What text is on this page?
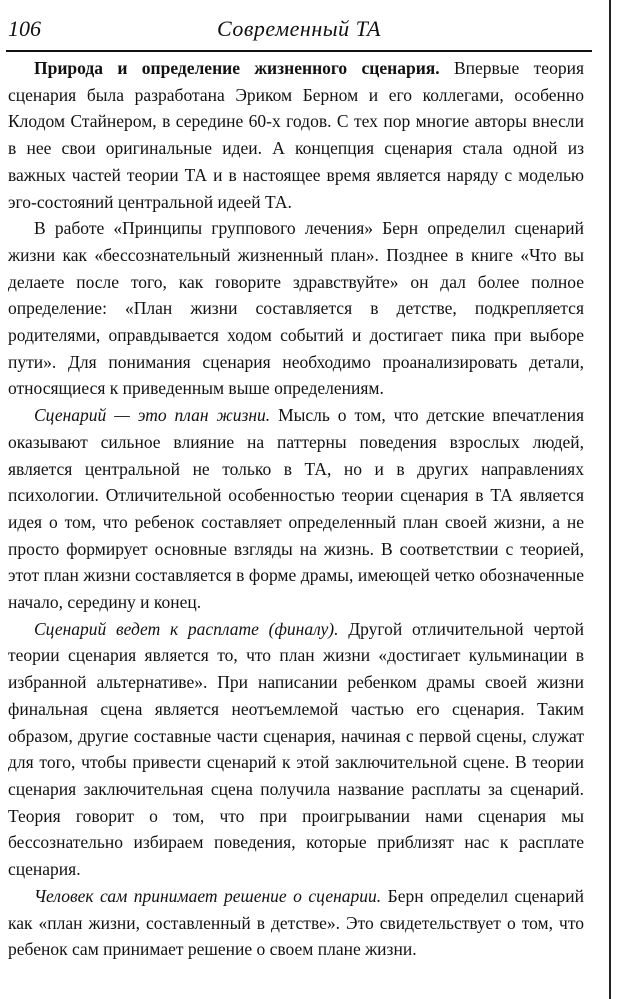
106	Современный ТА

Природа и определение жизненного сценария. Впервые теория сценария была разработана Эриком Берном и его коллегами, особенно Клодом Стайнером, в середине 60-х годов. С тех пор многие авторы внесли в нее свои оригинальные идеи. А концепция сценария стала одной из важных частей теории ТА и в настоящее время является наряду с моделью эго-состояний центральной идеей ТА.

В работе «Принципы группового лечения» Берн определил сценарий жизни как «бессознательный жизненный план». Позднее в книге «Что вы делаете после того, как говорите здравствуйте» он дал более полное определение: «План жизни составляется в детстве, подкрепляется родителями, оправдывается ходом событий и достигает пика при выборе пути». Для понимания сценария необходимо проанализировать детали, относящиеся к приведенным выше определениям.

Сценарий — это план жизни. Мысль о том, что детские впечатления оказывают сильное влияние на паттерны поведения взрослых людей, является центральной не только в ТА, но и в других направлениях психологии. Отличительной особенностью теории сценария в ТА является идея о том, что ребенок составляет определенный план своей жизни, а не просто формирует основные взгляды на жизнь. В соответствии с теорией, этот план жизни составляется в форме драмы, имеющей четко обозначенные начало, середину и конец.

Сценарий ведет к расплате (финалу). Другой отличительной чертой теории сценария является то, что план жизни «достигает кульминации в избранной альтернативе». При написании ребенком драмы своей жизни финальная сцена является неотъемлемой частью его сценария. Таким образом, другие составные части сценария, начиная с первой сцены, служат для того, чтобы привести сценарий к этой заключительной сцене. В теории сценария заключительная сцена получила название расплаты за сценарий. Теория говорит о том, что при проигрывании нами сценария мы бессознательно избираем поведения, которые приблизят нас к расплате сценария.

Человек сам принимает решение о сценарии. Берн определил сценарий как «план жизни, составленный в детстве». Это свидетельствует о том, что ребенок сам принимает решение о своем плане жизни.
